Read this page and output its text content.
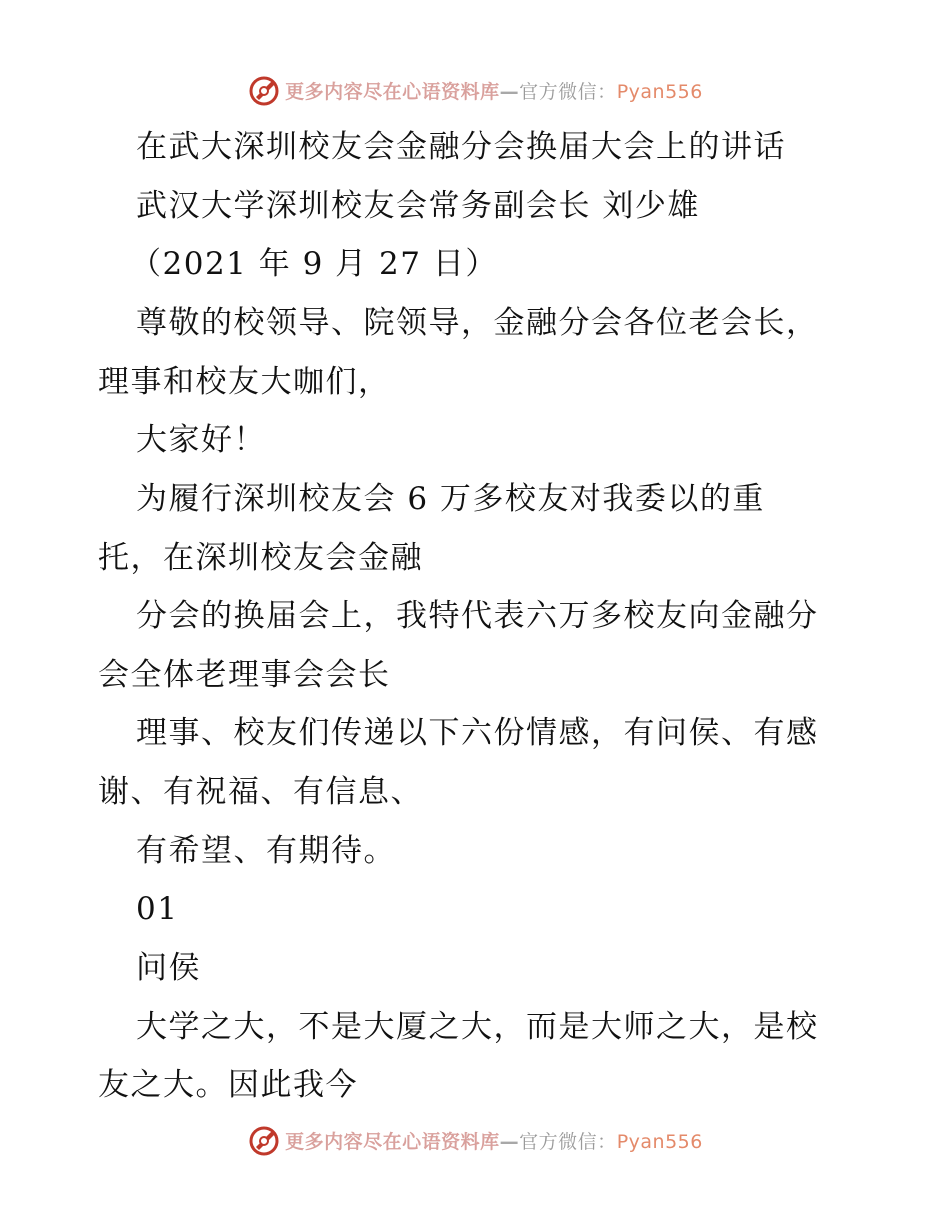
更多内容尽在心语资料库—官方微信：Pyan556
在武大深圳校友会金融分会换届大会上的讲话
武汉大学深圳校友会常务副会长 刘少雄
（2021 年 9 月 27 日）
尊敬的校领导、院领导，金融分会各位老会长，
理事和校友大咖们，
大家好！
为履行深圳校友会 6 万多校友对我委以的重
托，在深圳校友会金融
分会的换届会上，我特代表六万多校友向金融分
会全体老理事会会长
理事、校友们传递以下六份情感，有问侯、有感
谢、有祝福、有信息、
有希望、有期待。
01
问侯
大学之大，不是大厦之大，而是大师之大，是校
友之大。因此我今
更多内容尽在心语资料库—官方微信：Pyan556
